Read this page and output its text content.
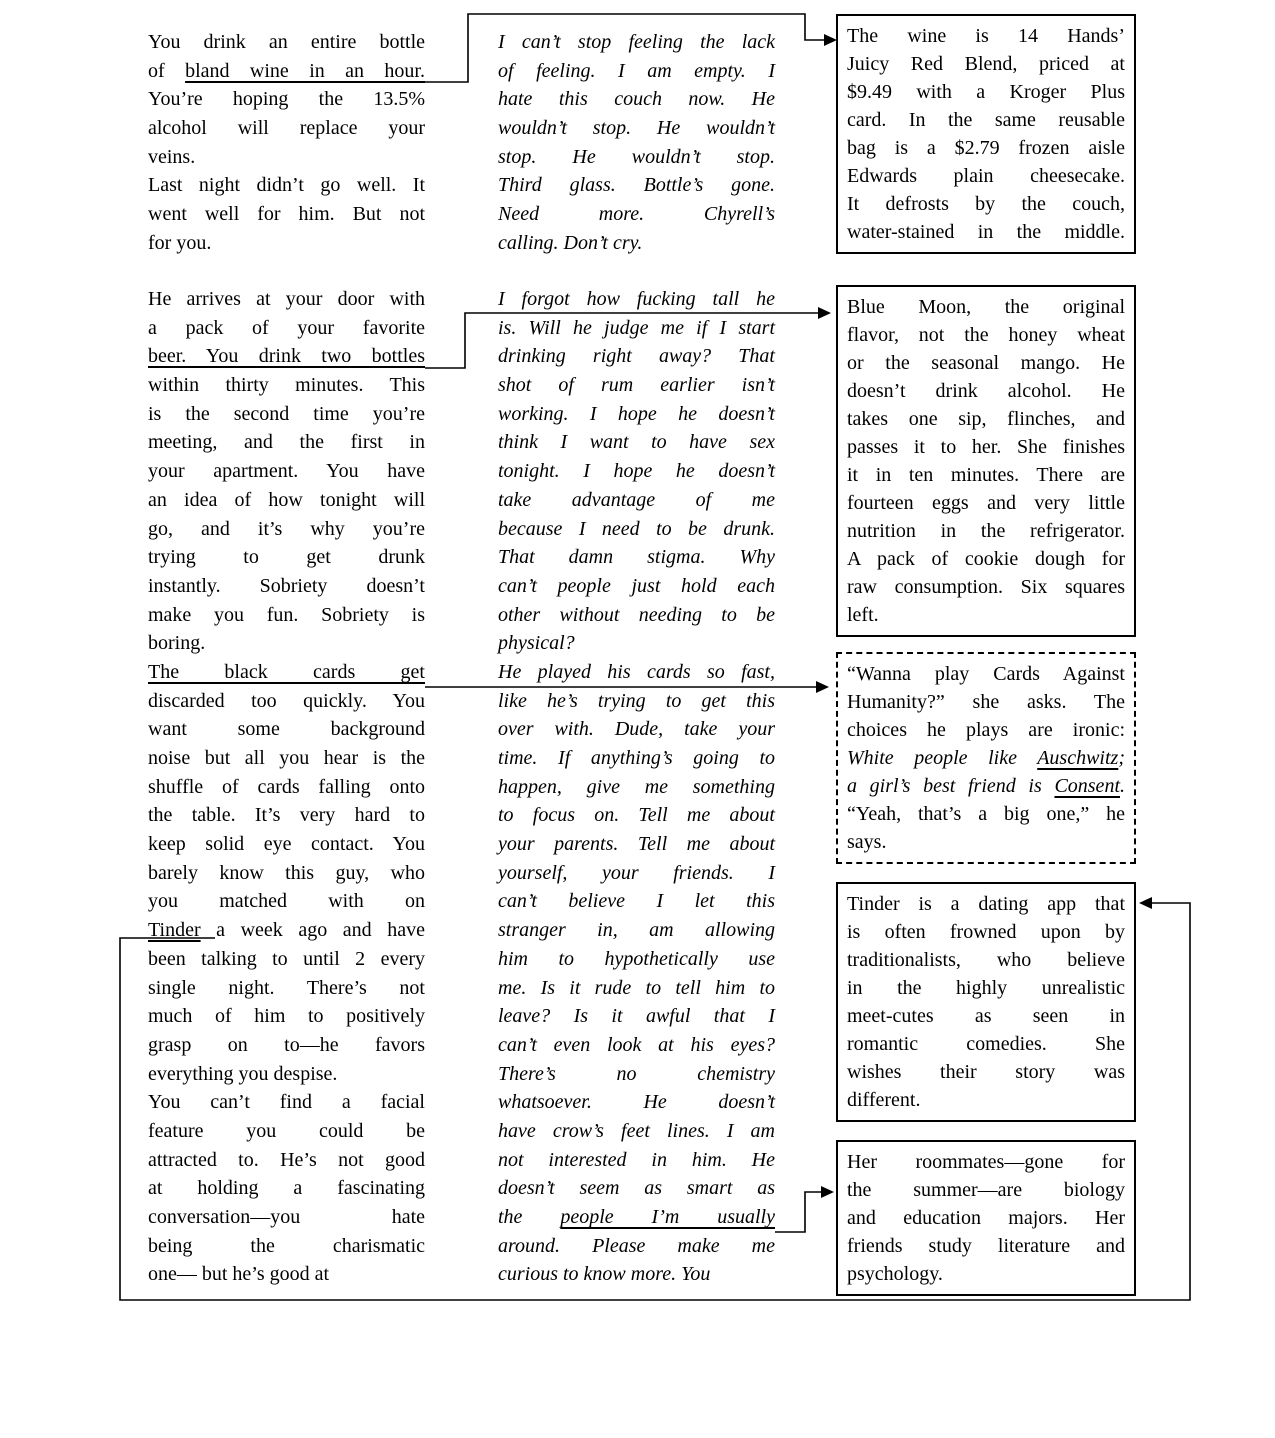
You drink an entire bottle
of bland wine in an hour.
You’re hoping the 13.5%
alcohol will replace your
veins.
Last night didn’t go well. It
went well for him. But not
for you.
He arrives at your door with
a pack of your favorite
beer. You drink two bottles
within thirty minutes. This
is the second time you’re
meeting, and the first in
your apartment. You have
an idea of how tonight will
go, and it’s why you’re
trying to get drunk
instantly. Sobriety doesn’t
make you fun. Sobriety is
boring.
The black cards get
discarded too quickly. You
want some background
noise but all you hear is the
shuffle of cards falling onto
the table. It’s very hard to
keep solid eye contact. You
barely know this guy, who
you matched with on
Tinder a week ago and have
been talking to until 2 every
single night. There’s not
much of him to positively
grasp on to—he favors
everything you despise.
You can’t find a facial
feature you could be
attracted to. He’s not good
at holding a fascinating
conversation—you hate
being the charismatic
one— but he’s good at
I can’t stop feeling the lack
of feeling. I am empty. I
hate this couch now. He
wouldn’t stop. He wouldn’t
stop. He wouldn’t stop.
Third glass. Bottle’s gone.
Need more. Chyrell’s
calling. Don’t cry.
I forgot how fucking tall he
is. Will he judge me if I start
drinking right away? That
shot of rum earlier isn’t
working. I hope he doesn’t
think I want to have sex
tonight. I hope he doesn’t
take advantage of me
because I need to be drunk.
That damn stigma. Why
can’t people just hold each
other without needing to be
physical?
He played his cards so fast,
like he’s trying to get this
over with. Dude, take your
time. If anything’s going to
happen, give me something
to focus on. Tell me about
your parents. Tell me about
yourself, your friends. I
can’t believe I let this
stranger in, am allowing
him to hypothetically use
me. Is it rude to tell him to
leave? Is it awful that I
can’t even look at his eyes?
There’s no chemistry
whatsoever. He doesn’t
have crow’s feet lines. I am
not interested in him. He
doesn’t seem as smart as
the people I’m usually
around. Please make me
curious to know more. You
The wine is 14 Hands’
Juicy Red Blend, priced at
$9.49 with a Kroger Plus
card. In the same reusable
bag is a $2.79 frozen aisle
Edwards plain cheesecake.
It defrosts by the couch,
water-stained in the middle.
Blue Moon, the original
flavor, not the honey wheat
or the seasonal mango. He
doesn’t drink alcohol. He
takes one sip, flinches, and
passes it to her. She finishes
it in ten minutes. There are
fourteen eggs and very little
nutrition in the refrigerator.
A pack of cookie dough for
raw consumption. Six squares
left.
“Wanna play Cards Against
Humanity?” she asks. The
choices he plays are ironic:
White people like Auschwitz;
a girl’s best friend is Consent.
“Yeah, that’s a big one,” he
says.
Tinder is a dating app that
is often frowned upon by
traditionalists, who believe
in the highly unrealistic
meet-cutes as seen in
romantic comedies. She
wishes their story was
different.
Her roommates—gone for
the summer—are biology
and education majors. Her
friends study literature and
psychology.
